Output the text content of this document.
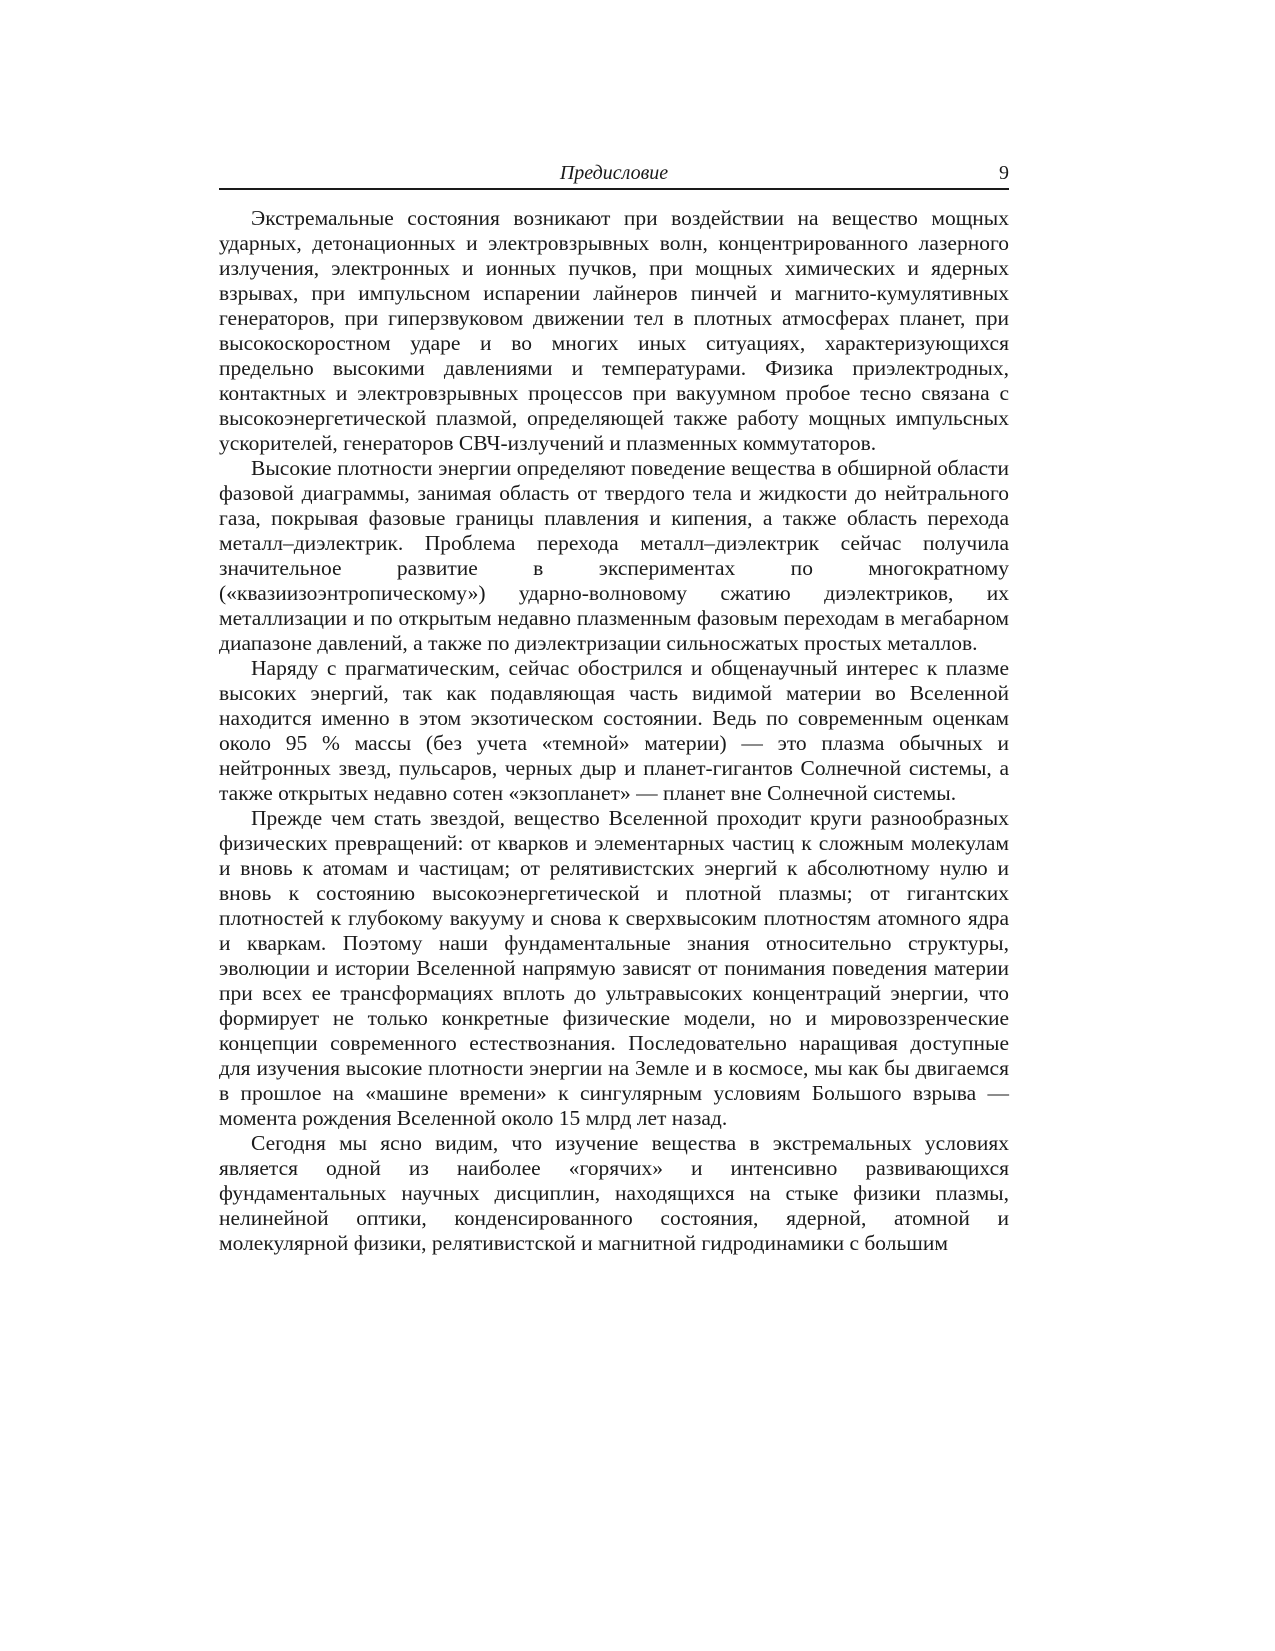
Предисловие	9

Экстремальные состояния возникают при воздействии на вещество мощных ударных, детонационных и электровзрывных волн, концентрированного лазерного излучения, электронных и ионных пучков, при мощных химических и ядерных взрывах, при импульсном испарении лайнеров пинчей и магнито-кумулятивных генераторов, при гиперзвуковом движении тел в плотных атмосферах планет, при высокоскоростном ударе и во многих иных ситуациях, характеризующихся предельно высокими давлениями и температурами. Физика приэлектродных, контактных и электровзрывных процессов при вакуумном пробое тесно связана с высокоэнергетической плазмой, определяющей также работу мощных импульсных ускорителей, генераторов СВЧ-излучений и плазменных коммутаторов.

Высокие плотности энергии определяют поведение вещества в обширной области фазовой диаграммы, занимая область от твердого тела и жидкости до нейтрального газа, покрывая фазовые границы плавления и кипения, а также область перехода металл–диэлектрик. Проблема перехода металл–диэлектрик сейчас получила значительное развитие в экспериментах по многократному («квазиизоэнтропическому») ударно-волновому сжатию диэлектриков, их металлизации и по открытым недавно плазменным фазовым переходам в мегабарном диапазоне давлений, а также по диэлектризации сильносжатых простых металлов.

Наряду с прагматическим, сейчас обострился и общенаучный интерес к плазме высоких энергий, так как подавляющая часть видимой материи во Вселенной находится именно в этом экзотическом состоянии. Ведь по современным оценкам около 95 % массы (без учета «темной» материи) — это плазма обычных и нейтронных звезд, пульсаров, черных дыр и планет-гигантов Солнечной системы, а также открытых недавно сотен «экзопланет» — планет вне Солнечной системы.

Прежде чем стать звездой, вещество Вселенной проходит круги разнообразных физических превращений: от кварков и элементарных частиц к сложным молекулам и вновь к атомам и частицам; от релятивистских энергий к абсолютному нулю и вновь к состоянию высокоэнергетической и плотной плазмы; от гигантских плотностей к глубокому вакууму и снова к сверхвысоким плотностям атомного ядра и кваркам. Поэтому наши фундаментальные знания относительно структуры, эволюции и истории Вселенной напрямую зависят от понимания поведения материи при всех ее трансформациях вплоть до ультравысоких концентраций энергии, что формирует не только конкретные физические модели, но и мировоззренческие концепции современного естествознания. Последовательно наращивая доступные для изучения высокие плотности энергии на Земле и в космосе, мы как бы двигаемся в прошлое на «машине времени» к сингулярным условиям Большого взрыва — момента рождения Вселенной около 15 млрд лет назад.

Сегодня мы ясно видим, что изучение вещества в экстремальных условиях является одной из наиболее «горячих» и интенсивно развивающихся фундаментальных научных дисциплин, находящихся на стыке физики плазмы, нелинейной оптики, конденсированного состояния, ядерной, атомной и молекулярной физики, релятивистской и магнитной гидродинамики с большим
